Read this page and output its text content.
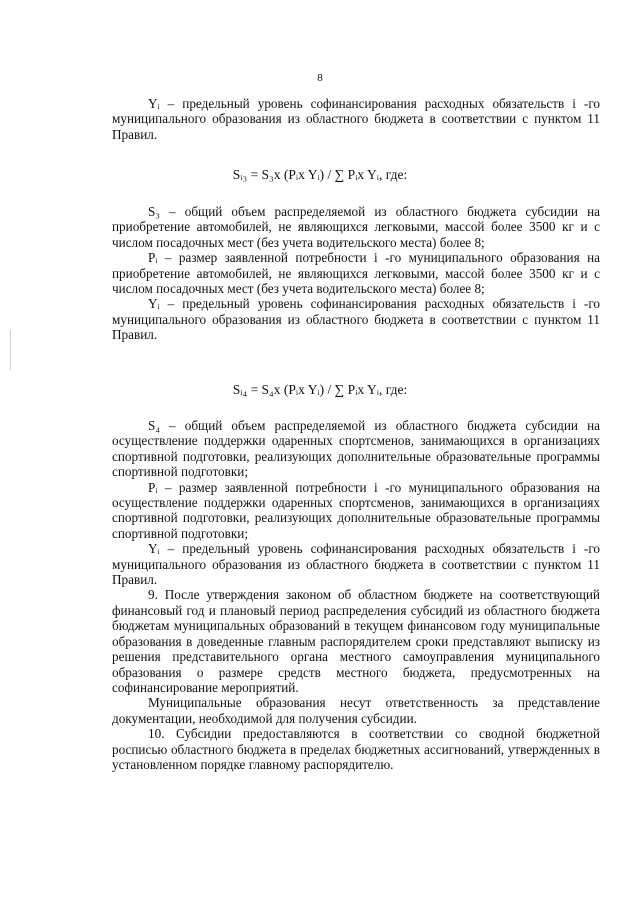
8

Yᵢ – предельный уровень софинансирования расходных обязательств i -го муниципального образования из областного бюджета в соответствии с пунктом 11 Правил.

Sᵢ₃ = S₃x (Pᵢx Yᵢ) / ∑ Pᵢx Yᵢ, где:

S₃ – общий объем распределяемой из областного бюджета субсидии на приобретение автомобилей, не являющихся легковыми, массой более 3500 кг и с числом посадочных мест (без учета водительского места) более 8;

Pᵢ – размер заявленной потребности i -го муниципального образования на приобретение автомобилей, не являющихся легковыми, массой более 3500 кг и с числом посадочных мест (без учета водительского места) более 8;

Yᵢ – предельный уровень софинансирования расходных обязательств i -го муниципального образования из областного бюджета в соответствии с пунктом 11 Правил.

Sᵢ₄ = S₄x (Pᵢx Yᵢ) / ∑ Pᵢx Yᵢ, где:

S₄ – общий объем распределяемой из областного бюджета субсидии на осуществление поддержки одаренных спортсменов, занимающихся в организациях спортивной подготовки, реализующих дополнительные образовательные программы спортивной подготовки;

Pᵢ – размер заявленной потребности i -го муниципального образования на осуществление поддержки одаренных спортсменов, занимающихся в организациях спортивной подготовки, реализующих дополнительные образовательные программы спортивной подготовки;

Yᵢ – предельный уровень софинансирования расходных обязательств i -го муниципального образования из областного бюджета в соответствии с пунктом 11 Правил.

9. После утверждения законом об областном бюджете на соответствующий финансовый год и плановый период распределения субсидий из областного бюджета бюджетам муниципальных образований в текущем финансовом году муниципальные образования в доведенные главным распорядителем сроки представляют выписку из решения представительного органа местного самоуправления муниципального образования о размере средств местного бюджета, предусмотренных на софинансирование мероприятий.

Муниципальные образования несут ответственность за представление документации, необходимой для получения субсидии.

10. Субсидии предоставляются в соответствии со сводной бюджетной росписью областного бюджета в пределах бюджетных ассигнований, утвержденных в установленном порядке главному распорядителю.
